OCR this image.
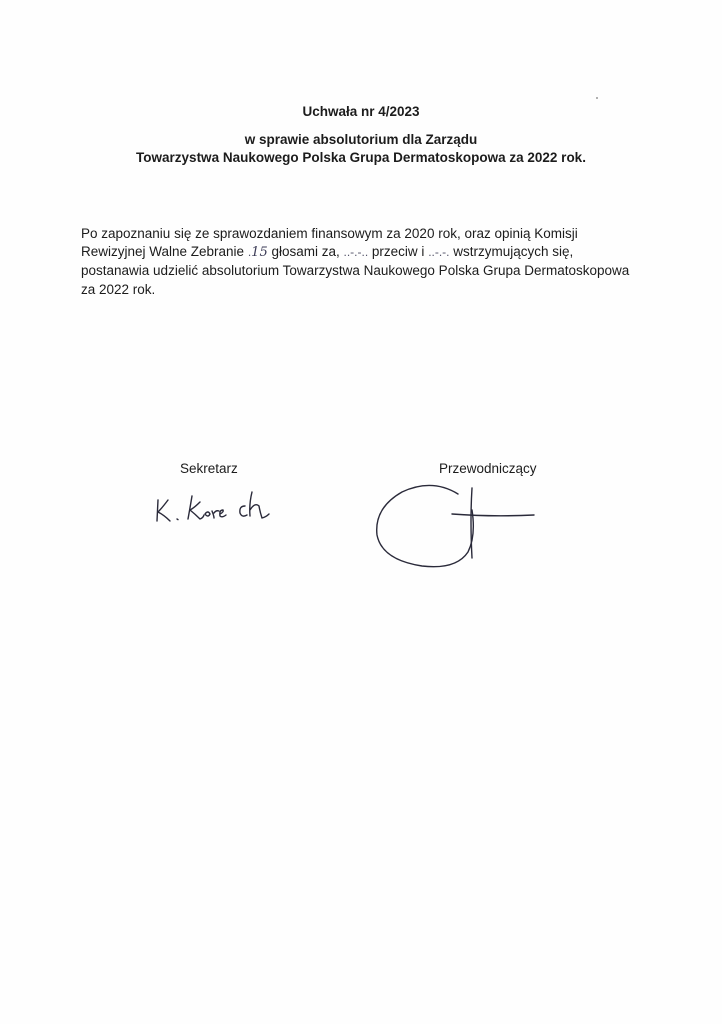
Uchwała nr 4/2023
w sprawie absolutorium dla Zarządu
Towarzystwa Naukowego Polska Grupa Dermatoskopowa za 2022 rok.
Po zapoznaniu się ze sprawozdaniem finansowym za 2020 rok, oraz opinią Komisji Rewizyjnej Walne Zebranie .15 głosami za, ..-.-.. przeciw i ..-.-. wstrzymujących się, postanawia udzielić absolutorium Towarzystwa Naukowego Polska Grupa Dermatoskopowa za 2022 rok.
Sekretarz	Przewodniczący
